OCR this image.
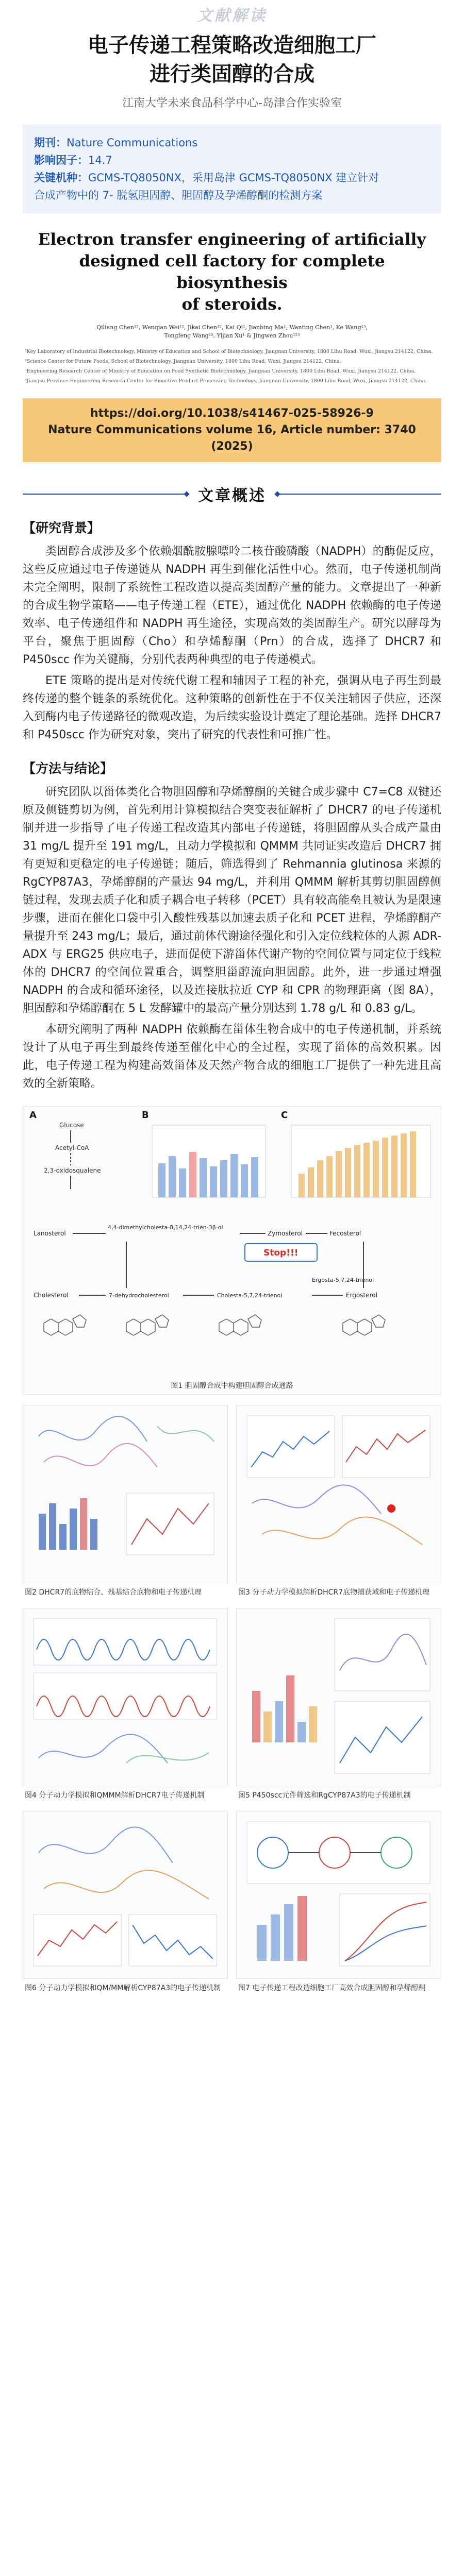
文献解读
电子传递工程策略改造细胞工厂
进行类固醇的合成
江南大学未来食品科学中心-岛津合作实验室
期刊：Nature Communications
影响因子：14.7
关键机种：GCMS-TQ8050NX，采用岛津 GCMS-TQ8050NX 建立针对
合成产物中的 7- 脱氢胆固醇、胆固醇及孕烯醇酮的检测方案
Electron transfer engineering of artificially
designed cell factory for complete biosynthesis
of steroids.
Qiliang Chen¹², Wenqian Wei¹², Jikai Chen¹², Kai Qi¹, Jianbing Ma¹, Wanting Chen¹, Ke Wang¹³,
Tongfeng Wang¹², Yijian Xu¹ & Jingwen Zhou¹²³

¹Key Laboratory of Industrial Biotechnology, Ministry of Education and School of Biotechnology, Jiangnan University, 1800 Lihu Road, Wuxi, Jiangsu 214122, China.

²Science Center for Future Foods, School of Biotechnology, Jiangnan University, 1800 Lihu Road, Wuxi, Jiangsu 214122, China.

³Engineering Research Center of Ministry of Education on Food Synthetic Biotechnology, Jiangnan University, 1800 Lihu Road, Wuxi, Jiangsu 214122, China.

⁴Jiangsu Province Engineering Research Center for Bioactive Product Processing Technology, Jiangnan University, 1800 Lihu Road, Wuxi, Jiangsu 214122, China.

https://doi.org/10.1038/s41467-025-58926-9
Nature Communications volume 16, Article number: 3740 (2025)
文章概述
【研究背景】

类固醇合成涉及多个依赖烟酰胺腺嘌呤二核苷酸磷酸（NADPH）的酶促反应，这些反应通过电子传递链从 NADPH 再生到催化活性中心。然而，电子传递机制尚未完全阐明，限制了系统性工程改造以提高类固醇产量的能力。文章提出了一种新的合成生物学策略——电子传递工程（ETE），通过优化 NADPH 依赖酶的电子传递效率、电子传递组件和 NADPH 再生途径，实现高效的类固醇生产。研究以酵母为平台，聚焦于胆固醇（Cho）和孕烯醇酮（Prn）的合成，选择了 DHCR7 和 P450scc 作为关键酶，分别代表两种典型的电子传递模式。

ETE 策略的提出是对传统代谢工程和辅因子工程的补充，强调从电子再生到最终传递的整个链条的系统优化。这种策略的创新性在于不仅关注辅因子供应，还深入到酶内电子传递路径的微观改造，为后续实验设计奠定了理论基础。选择 DHCR7 和 P450scc 作为研究对象，突出了研究的代表性和可推广性。

【方法与结论】

研究团队以甾体类化合物胆固醇和孕烯醇酮的关键合成步骤中 C7=C8 双键还原及侧链剪切为例，首先利用计算模拟结合突变表征解析了 DHCR7 的电子传递机制并进一步指导了电子传递工程改造其内部电子传递链，将胆固醇从头合成产量由 31 mg/L 提升至 191 mg/L，且动力学模拟和 QMMM 共同证实改造后 DHCR7 拥有更短和更稳定的电子传递链；随后，筛选得到了 Rehmannia glutinosa 来源的 RgCYP87A3，孕烯醇酮的产量达 94 mg/L，并利用 QMMM 解析其剪切胆固醇侧链过程，发现去质子化和质子耦合电子转移（PCET）具有较高能垒且被认为是限速步骤，进而在催化口袋中引入酸性残基以加速去质子化和 PCET 进程，孕烯醇酮产量提升至 243 mg/L；最后，通过前体代谢途径强化和引入定位线粒体的人源 ADR-ADX 与 ERG25 供应电子，进而促使下游甾体代谢产物的空间位置与同定位于线粒体的 DHCR7 的空间位置重合，调整胆甾醇流向胆固醇。此外，进一步通过增强 NADPH 的合成和循环途径，以及连接肽拉近 CYP 和 CPR 的物理距离（图 8A），胆固醇和孕烯醇酮在 5 L 发酵罐中的最高产量分别达到 1.78 g/L 和 0.83 g/L。

本研究阐明了两种 NADPH 依赖酶在甾体生物合成中的电子传递机制，并系统设计了从电子再生到最终传递至催化中心的全过程，实现了甾体的高效积累。因此，电子传递工程为构建高效甾体及天然产物合成的细胞工厂提供了一种先进且高效的全新策略。

A
Glucose
Acetyl-CoA
2,3-oxidosqualene
B	C
Lanosterol
4,4-dimethylcholesta-8,14,24-trien-3β-ol
Zymosterol	Fecosterol
Stop!!!
Ergosta-5,7,24-trienol
Cholesterol	7-dehydrocholesterol	Cholesta-5,7,24-trienol	Ergosterol
图1 胆固醇合成中构建胆固醇合成通路
图2 DHCR7的底物结合、残基结合底物和电子传递机理	图3 分子动力学模拟解析DHCR7底物捕获域和电子传递机理
图4 分子动力学模拟和QMMM解析DHCR7电子传递机制	图5 P450scc元件筛选和RgCYP87A3的电子传递机制
图6 分子动力学模拟和QM/MM解析CYP87A3的电子传递机制	图7 电子传递工程改造细胞工厂高效合成胆固醇和孕烯醇酮
